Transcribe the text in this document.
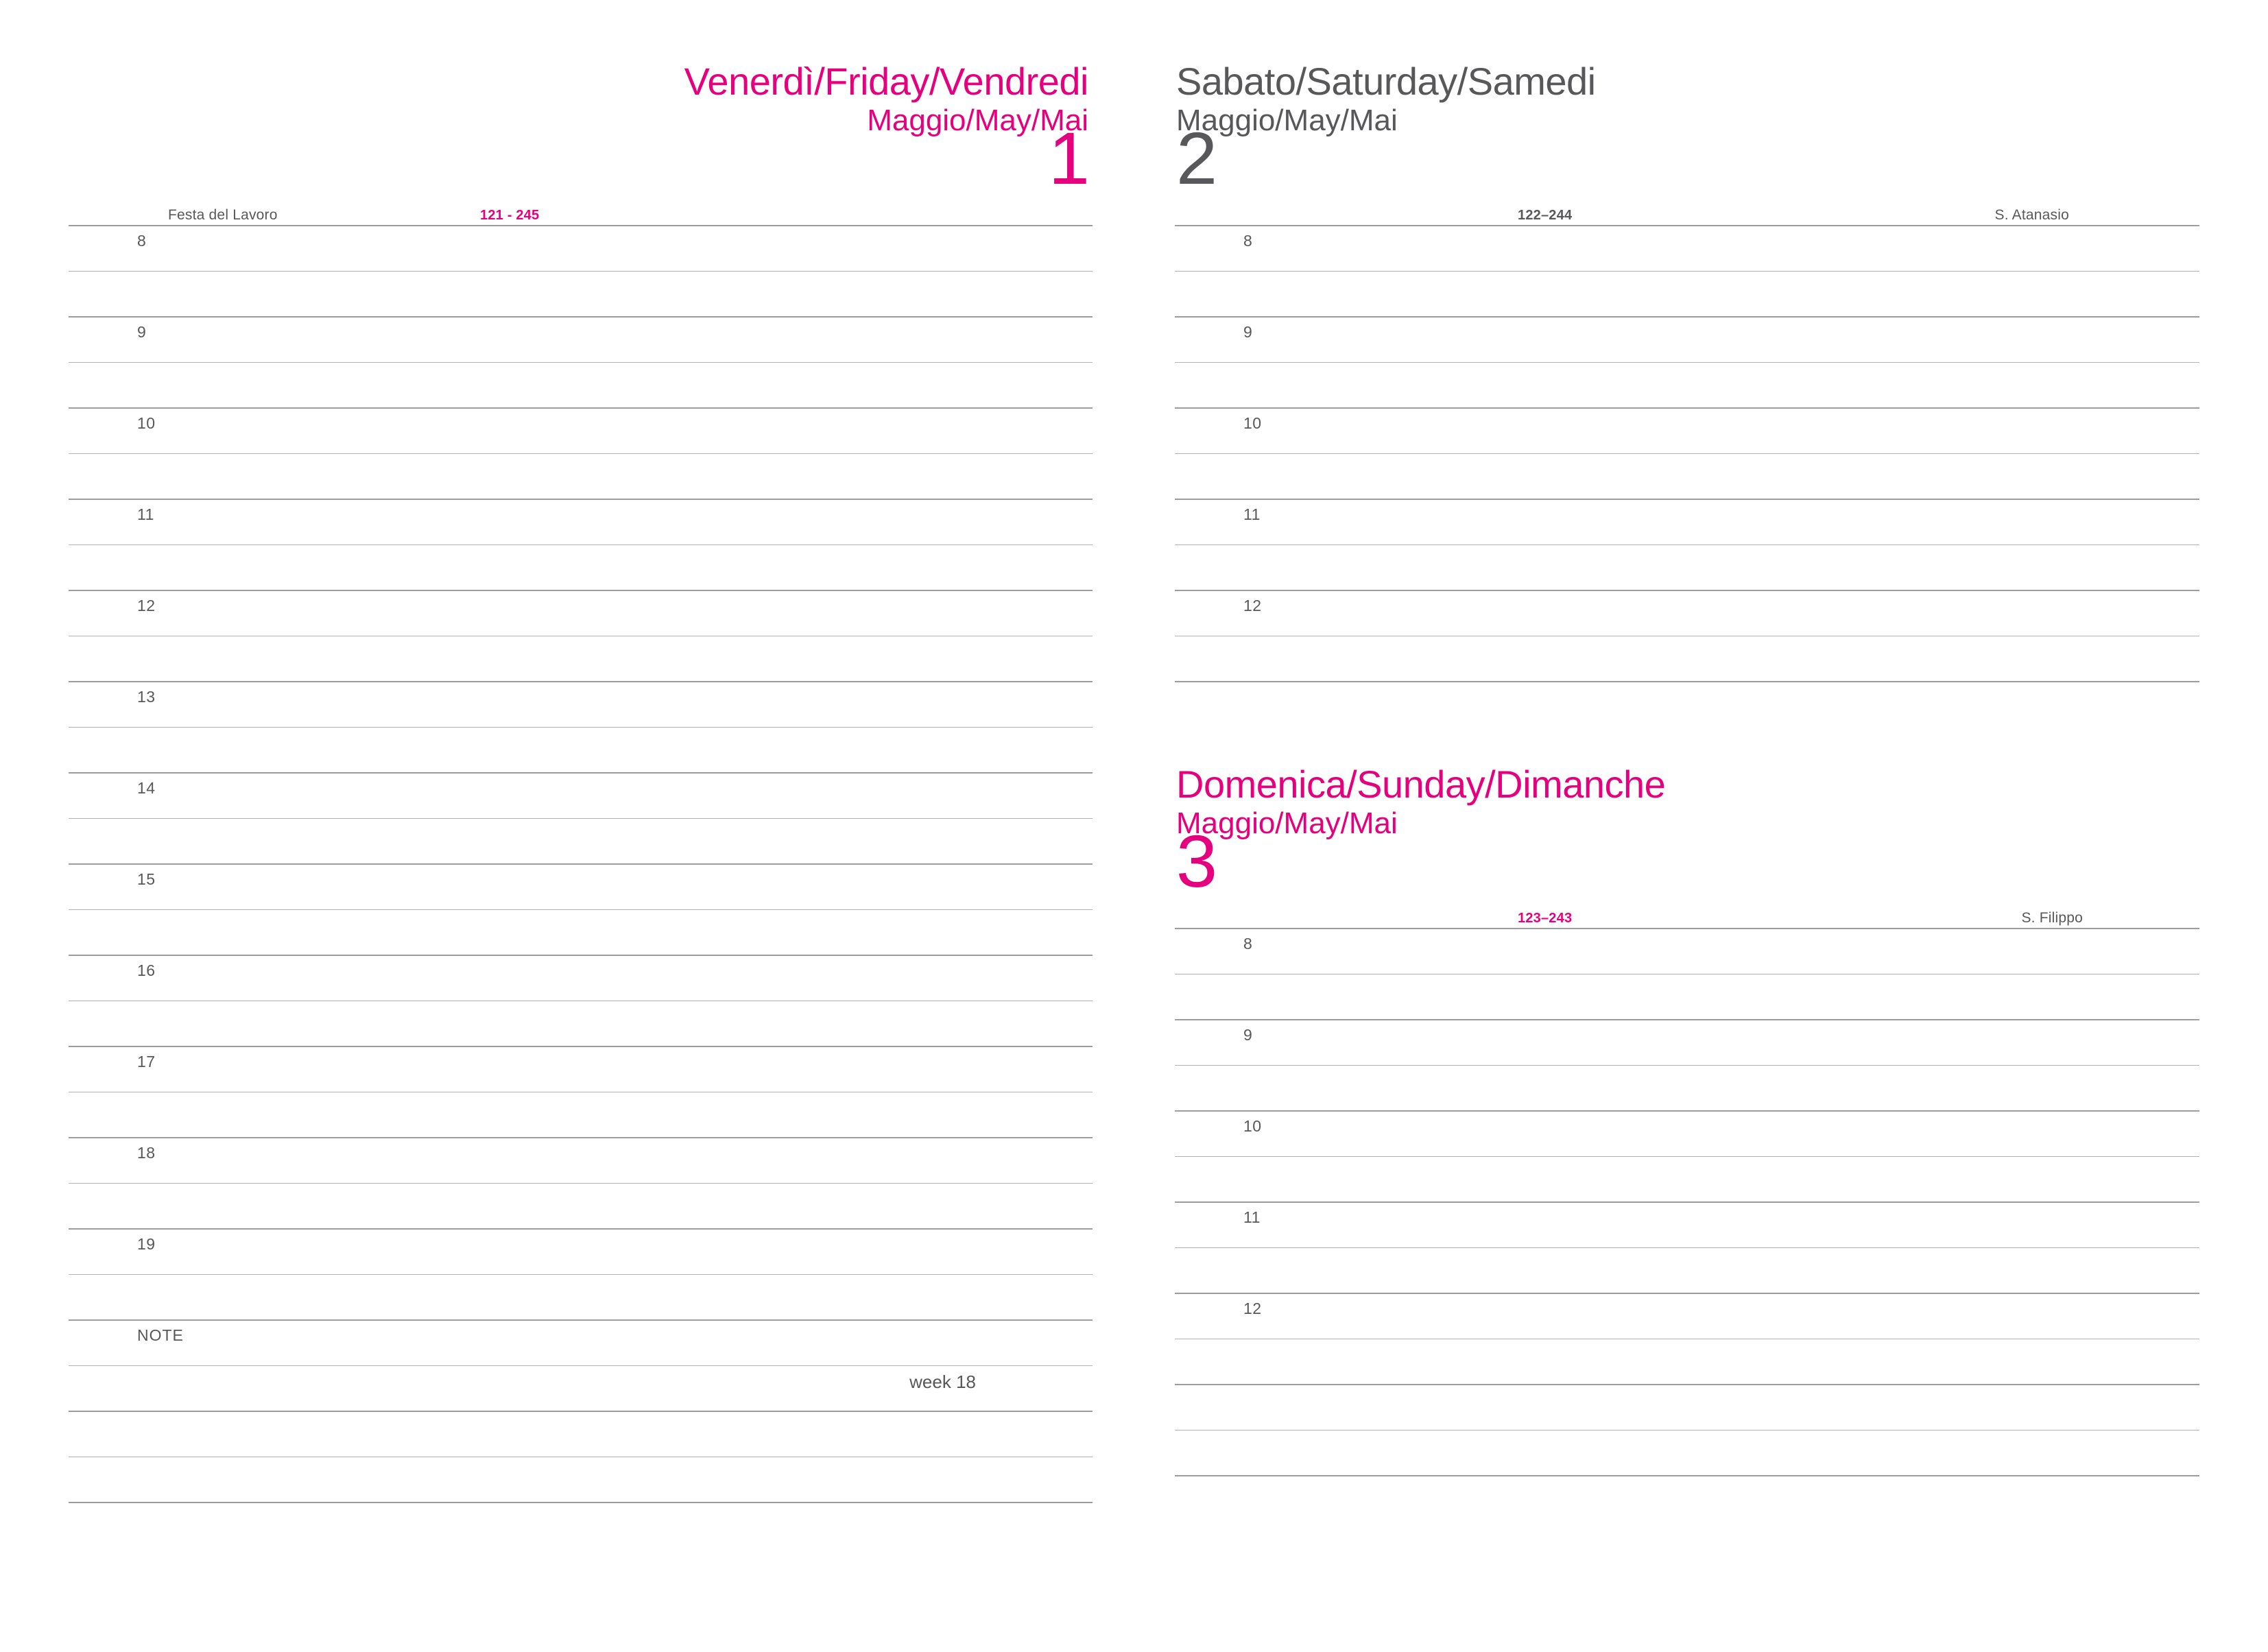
Venerdì/Friday/Vendredi
Maggio/May/Mai
1
Festa del Lavoro	121 - 245
8
9
10
11
12
13
14
15
16
17
18
19
NOTE
week 18
Sabato/Saturday/Samedi
Maggio/May/Mai
2
122–244	S. Atanasio
8
9
10
11
12
Domenica/Sunday/Dimanche
Maggio/May/Mai
3
123–243	S. Filippo
8
9
10
11
12
